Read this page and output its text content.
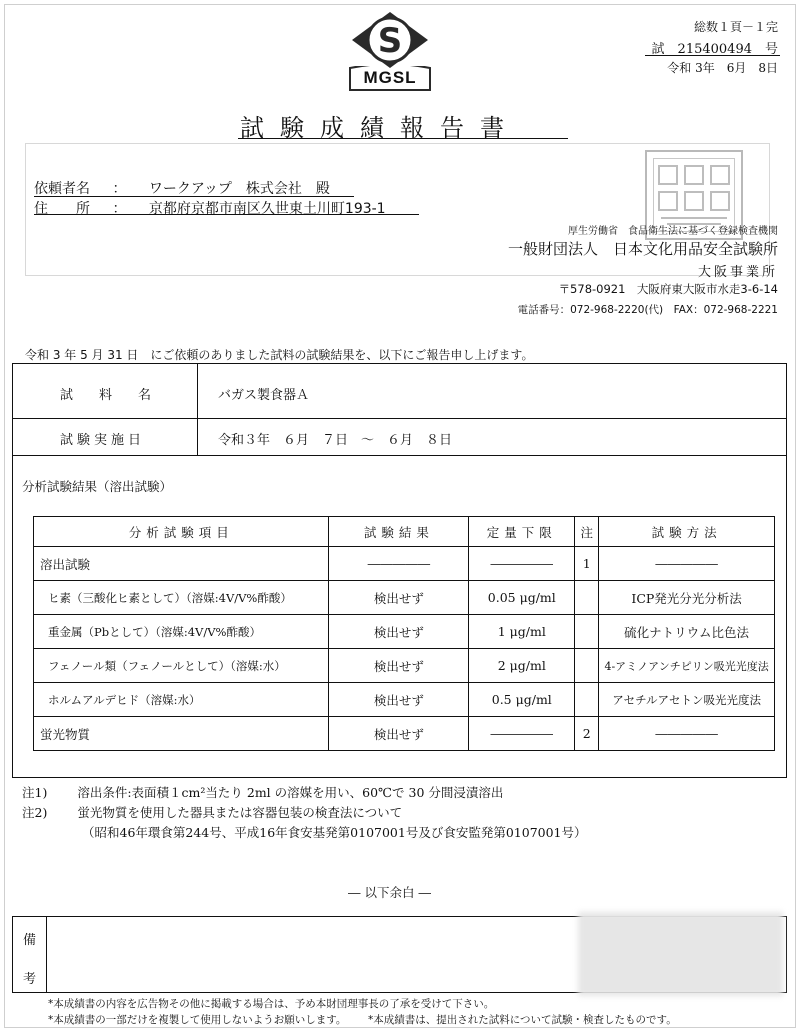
S
MGSL
総数１頁－１完
試　215400494　号
令和 3年　6月　8日
試験成績報告書
依頼者名 ： ワークアップ　株式会社　殿
住　　所 ： 京都府京都市南区久世東土川町193-1
厚生労働省　食品衛生法に基づく登録検査機関
一般財団法人　日本文化用品安全試験所
大阪事業所
〒578-0921　大阪府東大阪市水走3-6-14
電話番号：072-968-2220(代)　FAX：072-968-2221
令和 3 年 5 月 31 日　にご依頼のありました試料の試験結果を、以下にご報告申し上げます。
試　　料　　名	バガス製食器Ａ
試験実施日	令和３年　６月　７日　～　６月　８日
分析試験結果（溶出試験）
分析試験項目	試験結果	定量下限	注	試験方法
溶出試験	―――――	―――――	1	―――――
ヒ素（三酸化ヒ素として）（溶媒:4V/V%酢酸）	検出せず	0.05 μg/ml		ICP発光分光分析法
重金属（Pbとして）（溶媒:4V/V%酢酸）	検出せず	1 μg/ml		硫化ナトリウム比色法
フェノール類（フェノールとして）（溶媒:水）	検出せず	2 μg/ml		4-アミノアンチピリン吸光光度法
ホルムアルデヒド（溶媒:水）	検出せず	0.5 μg/ml		アセチルアセトン吸光光度法
蛍光物質	検出せず	―――――	2	―――――
注1) 溶出条件:表面積１cm²当たり 2ml の溶媒を用い、60℃で 30 分間浸漬溶出
注2) 蛍光物質を使用した器具または容器包装の検査法について
（昭和46年環食第244号、平成16年食安基発第0107001号及び食安監発第0107001号）
― 以下余白 ―
備
考
*本成績書の内容を広告物その他に掲載する場合は、予め本財団理事長の了承を受けて下さい。
*本成績書の一部だけを複製して使用しないようお願いします。 *本成績書は、提出された試料について試験・検査したものです。
